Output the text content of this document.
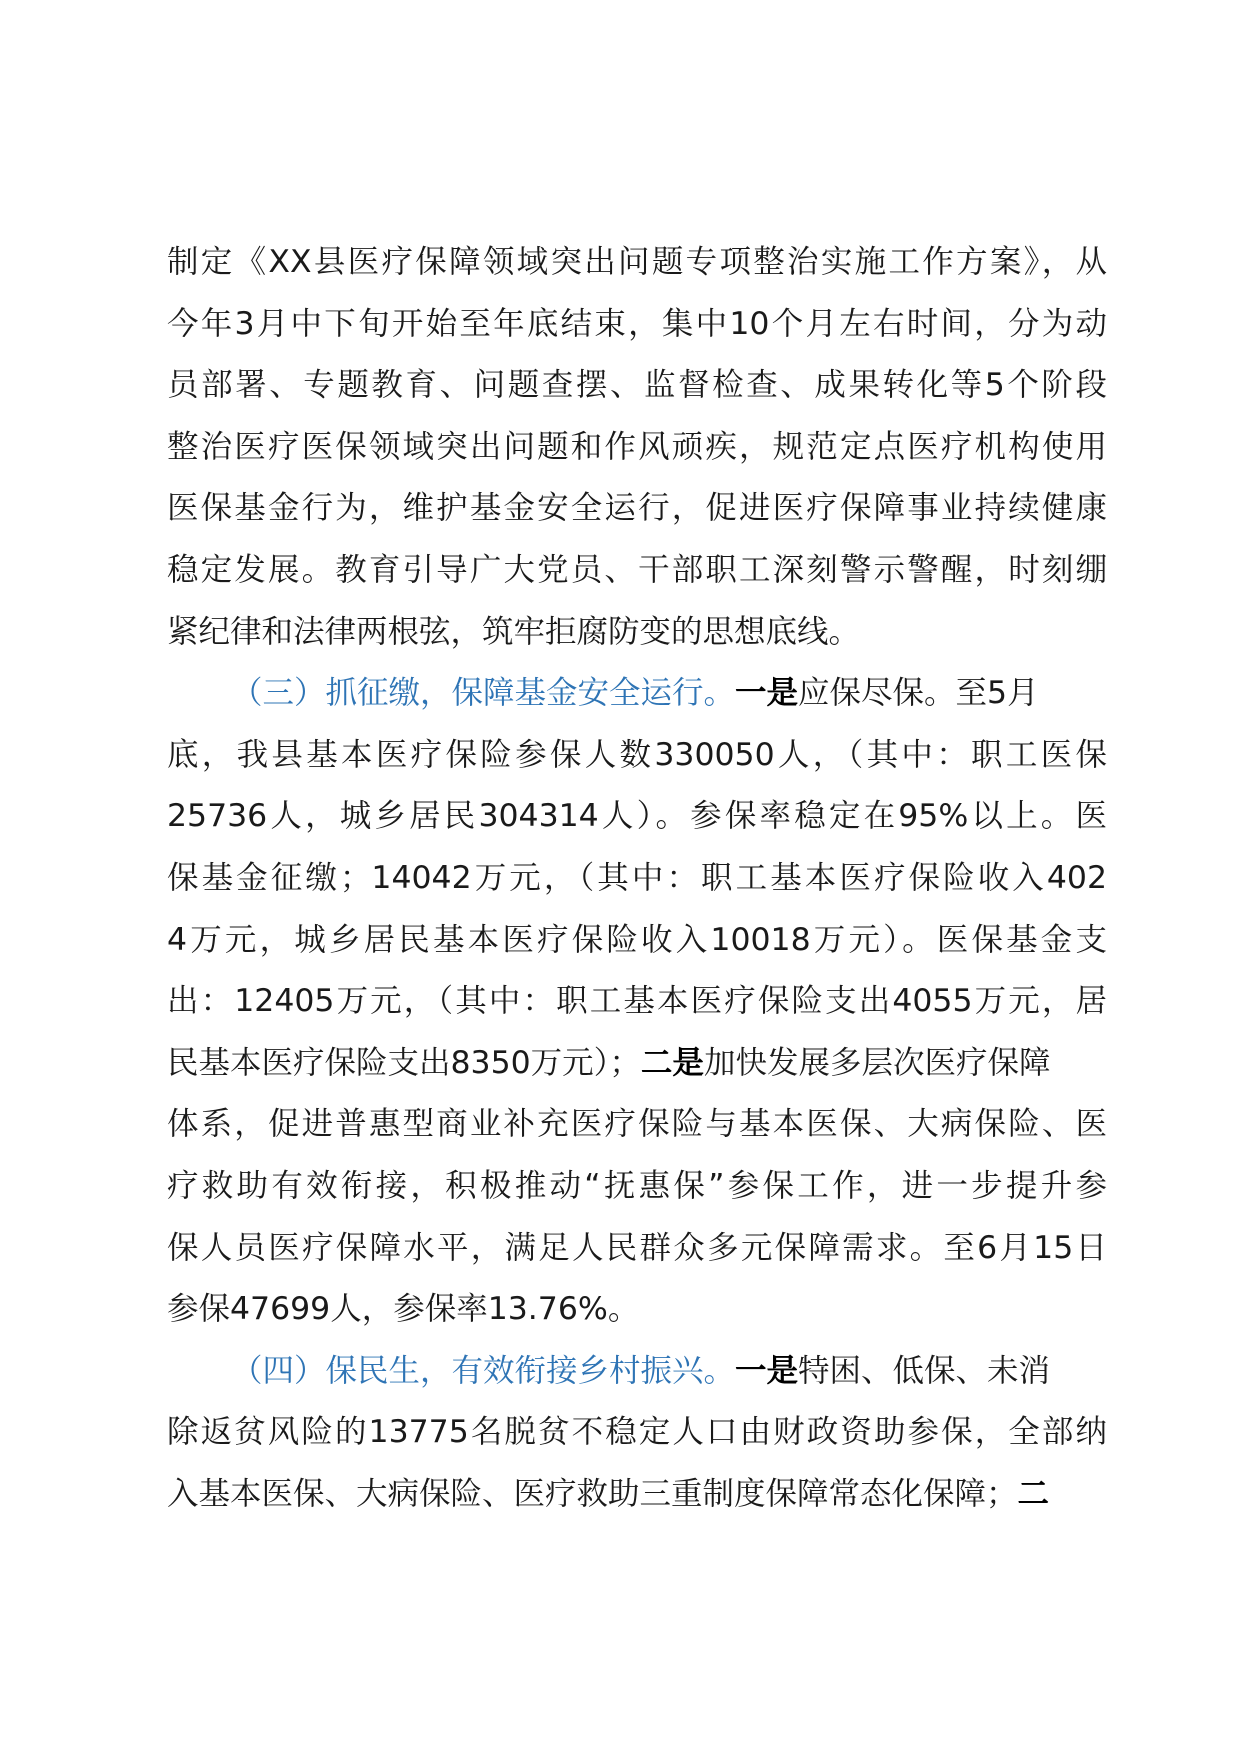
制定《XX县医疗保障领域突出问题专项整治实施工作方案》，从
今年3月中下旬开始至年底结束，集中10个月左右时间，分为动
员部署、专题教育、问题查摆、监督检查、成果转化等5个阶段
整治医疗医保领域突出问题和作风顽疾，规范定点医疗机构使用
医保基金行为，维护基金安全运行，促进医疗保障事业持续健康
稳定发展。教育引导广大党员、干部职工深刻警示警醒，时刻绷
紧纪律和法律两根弦，筑牢拒腐防变的思想底线。
（三）抓征缴，保障基金安全运行。一是应保尽保。至5月
底，我县基本医疗保险参保人数330050人，（其中：职工医保
25736人，城乡居民304314人）。参保率稳定在95%以上。医
保基金征缴；14042万元，（其中：职工基本医疗保险收入402
4万元，城乡居民基本医疗保险收入10018万元）。医保基金支
出：12405万元，（其中：职工基本医疗保险支出4055万元，居
民基本医疗保险支出8350万元）；二是加快发展多层次医疗保障
体系，促进普惠型商业补充医疗保险与基本医保、大病保险、医
疗救助有效衔接，积极推动“抚惠保”参保工作，进一步提升参
保人员医疗保障水平，满足人民群众多元保障需求。至6月15日
参保47699人，参保率13.76%。
（四）保民生，有效衔接乡村振兴。一是特困、低保、未消
除返贫风险的13775名脱贫不稳定人口由财政资助参保，全部纳
入基本医保、大病保险、医疗救助三重制度保障常态化保障；二
